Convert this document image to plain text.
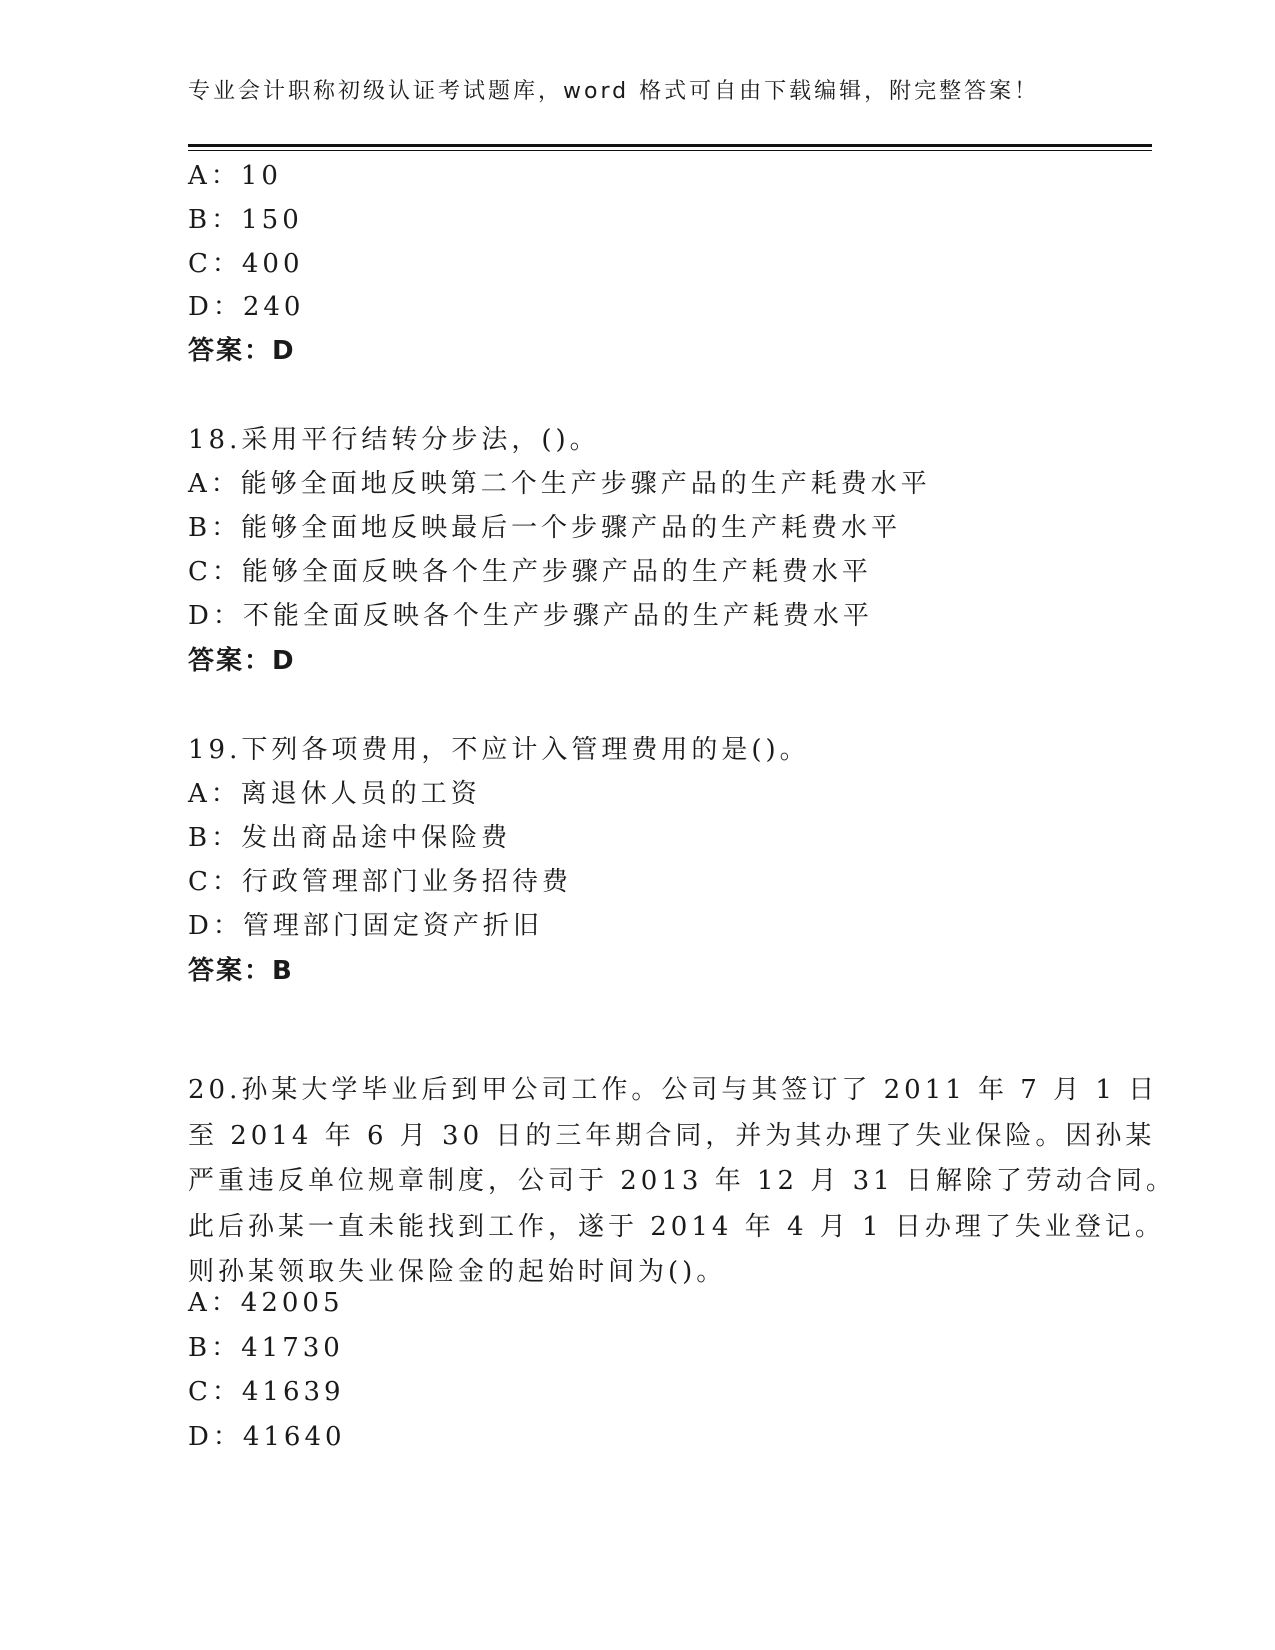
专业会计职称初级认证考试题库，word 格式可自由下载编辑，附完整答案！
A：10
B：150
C：400
D：240
答案：D
18.采用平行结转分步法，()。
A：能够全面地反映第二个生产步骤产品的生产耗费水平
B：能够全面地反映最后一个步骤产品的生产耗费水平
C：能够全面反映各个生产步骤产品的生产耗费水平
D：不能全面反映各个生产步骤产品的生产耗费水平
答案：D
19.下列各项费用，不应计入管理费用的是()。
A：离退休人员的工资
B：发出商品途中保险费
C：行政管理部门业务招待费
D：管理部门固定资产折旧
答案：B
20.孙某大学毕业后到甲公司工作。公司与其签订了 2011 年 7 月 1 日
至 2014 年 6 月 30 日的三年期合同，并为其办理了失业保险。因孙某
严重违反单位规章制度，公司于 2013 年 12 月 31 日解除了劳动合同。
此后孙某一直未能找到工作，遂于 2014 年 4 月 1 日办理了失业登记。
则孙某领取失业保险金的起始时间为()。
A：42005
B：41730
C：41639
D：41640
